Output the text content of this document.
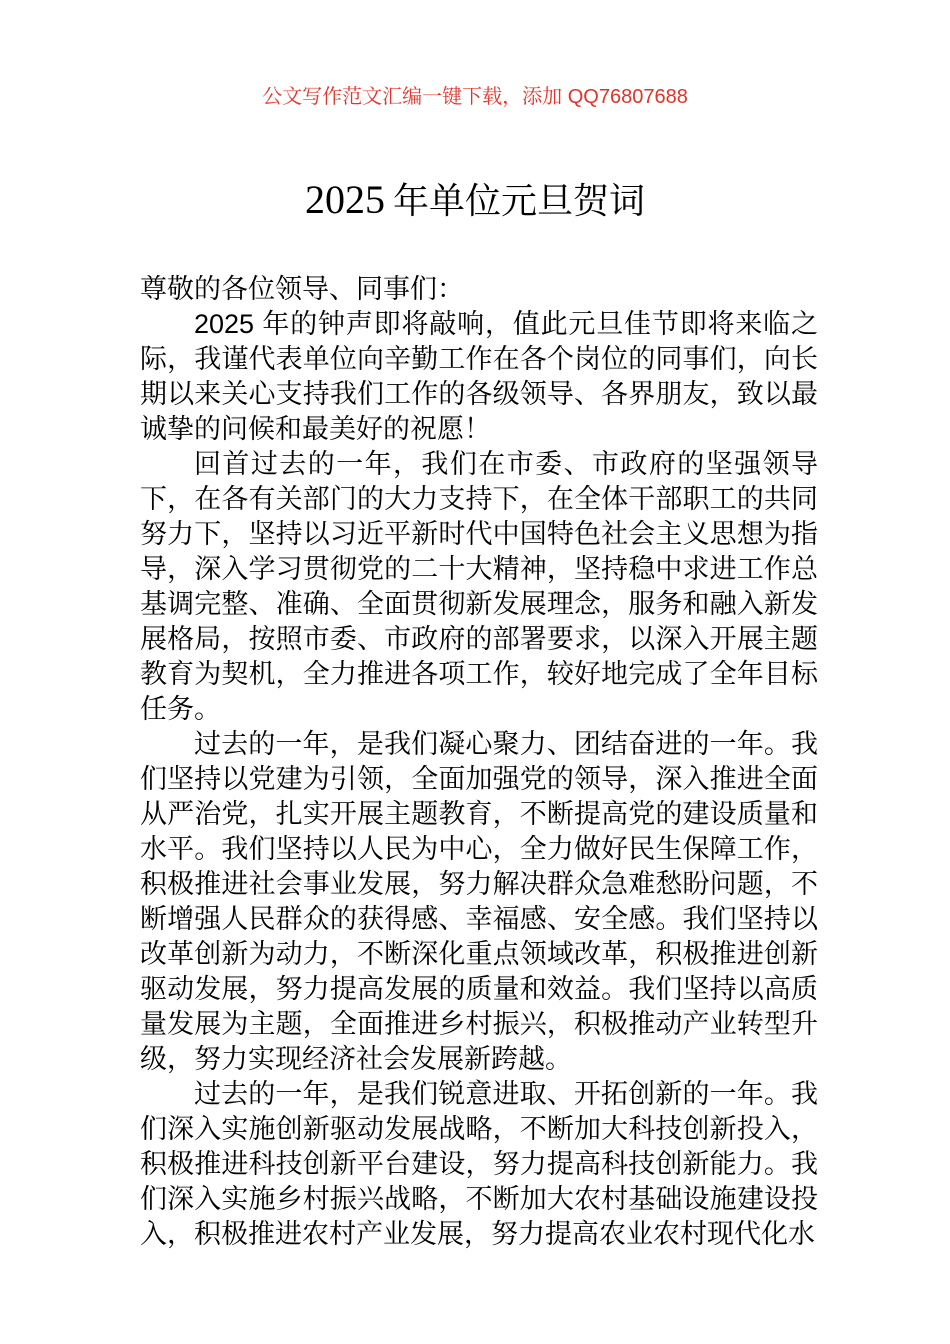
公文写作范文汇编一键下载，添加 QQ76807688
2025 年单位元旦贺词

尊敬的各位领导、同事们：

2025 年的钟声即将敲响，值此元旦佳节即将来临之际，我谨代表单位向辛勤工作在各个岗位的同事们，向长期以来关心支持我们工作的各级领导、各界朋友，致以最诚挚的问候和最美好的祝愿！

回首过去的一年，我们在市委、市政府的坚强领导下，在各有关部门的大力支持下，在全体干部职工的共同努力下，坚持以习近平新时代中国特色社会主义思想为指导，深入学习贯彻党的二十大精神，坚持稳中求进工作总基调完整、准确、全面贯彻新发展理念，服务和融入新发展格局，按照市委、市政府的部署要求，以深入开展主题教育为契机，全力推进各项工作，较好地完成了全年目标任务。

过去的一年，是我们凝心聚力、团结奋进的一年。我们坚持以党建为引领，全面加强党的领导，深入推进全面从严治党，扎实开展主题教育，不断提高党的建设质量和水平。我们坚持以人民为中心，全力做好民生保障工作，积极推进社会事业发展，努力解决群众急难愁盼问题，不断增强人民群众的获得感、幸福感、安全感。我们坚持以改革创新为动力，不断深化重点领域改革，积极推进创新驱动发展，努力提高发展的质量和效益。我们坚持以高质量发展为主题，全面推进乡村振兴，积极推动产业转型升级，努力实现经济社会发展新跨越。

过去的一年，是我们锐意进取、开拓创新的一年。我们深入实施创新驱动发展战略，不断加大科技创新投入，积极推进科技创新平台建设，努力提高科技创新能力。我们深入实施乡村振兴战略，不断加大农村基础设施建设投入，积极推进农村产业发展，努力提高农业农村现代化水
